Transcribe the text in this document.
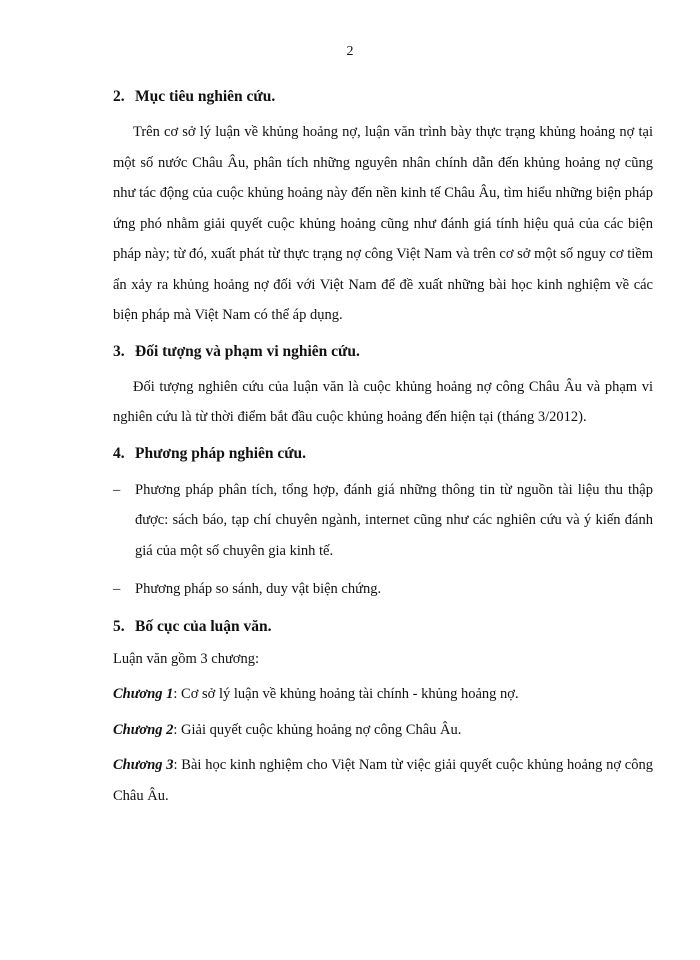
2
2. Mục tiêu nghiên cứu.

Trên cơ sở lý luận về khủng hoảng nợ, luận văn trình bày thực trạng khủng hoảng nợ tại một số nước Châu Âu, phân tích những nguyên nhân chính dẫn đến khủng hoảng nợ cũng như tác động của cuộc khủng hoảng này đến nền kinh tế Châu Âu, tìm hiểu những biện pháp ứng phó nhằm giải quyết cuộc khủng hoảng cũng như đánh giá tính hiệu quả của các biện pháp này; từ đó, xuất phát từ thực trạng nợ công Việt Nam và trên cơ sở một số nguy cơ tiềm ẩn xảy ra khủng hoảng nợ đối với Việt Nam để đề xuất những bài học kinh nghiệm về các biện pháp mà Việt Nam có thể áp dụng.

3. Đối tượng và phạm vi nghiên cứu.

Đối tượng nghiên cứu của luận văn là cuộc khủng hoảng nợ công Châu Âu và phạm vi nghiên cứu là từ thời điểm bắt đầu cuộc khủng hoảng đến hiện tại (tháng 3/2012).

4. Phương pháp nghiên cứu.
– Phương pháp phân tích, tổng hợp, đánh giá những thông tin từ nguồn tài liệu thu thập được: sách báo, tạp chí chuyên ngành, internet cũng như các nghiên cứu và ý kiến đánh giá của một số chuyên gia kinh tế.

– Phương pháp so sánh, duy vật biện chứng.

5. Bố cục của luận văn.

Luận văn gồm 3 chương:

Chương 1: Cơ sở lý luận về khủng hoảng tài chính - khủng hoảng nợ.

Chương 2: Giải quyết cuộc khủng hoảng nợ công Châu Âu.

Chương 3: Bài học kinh nghiệm cho Việt Nam từ việc giải quyết cuộc khủng hoảng nợ công Châu Âu.
